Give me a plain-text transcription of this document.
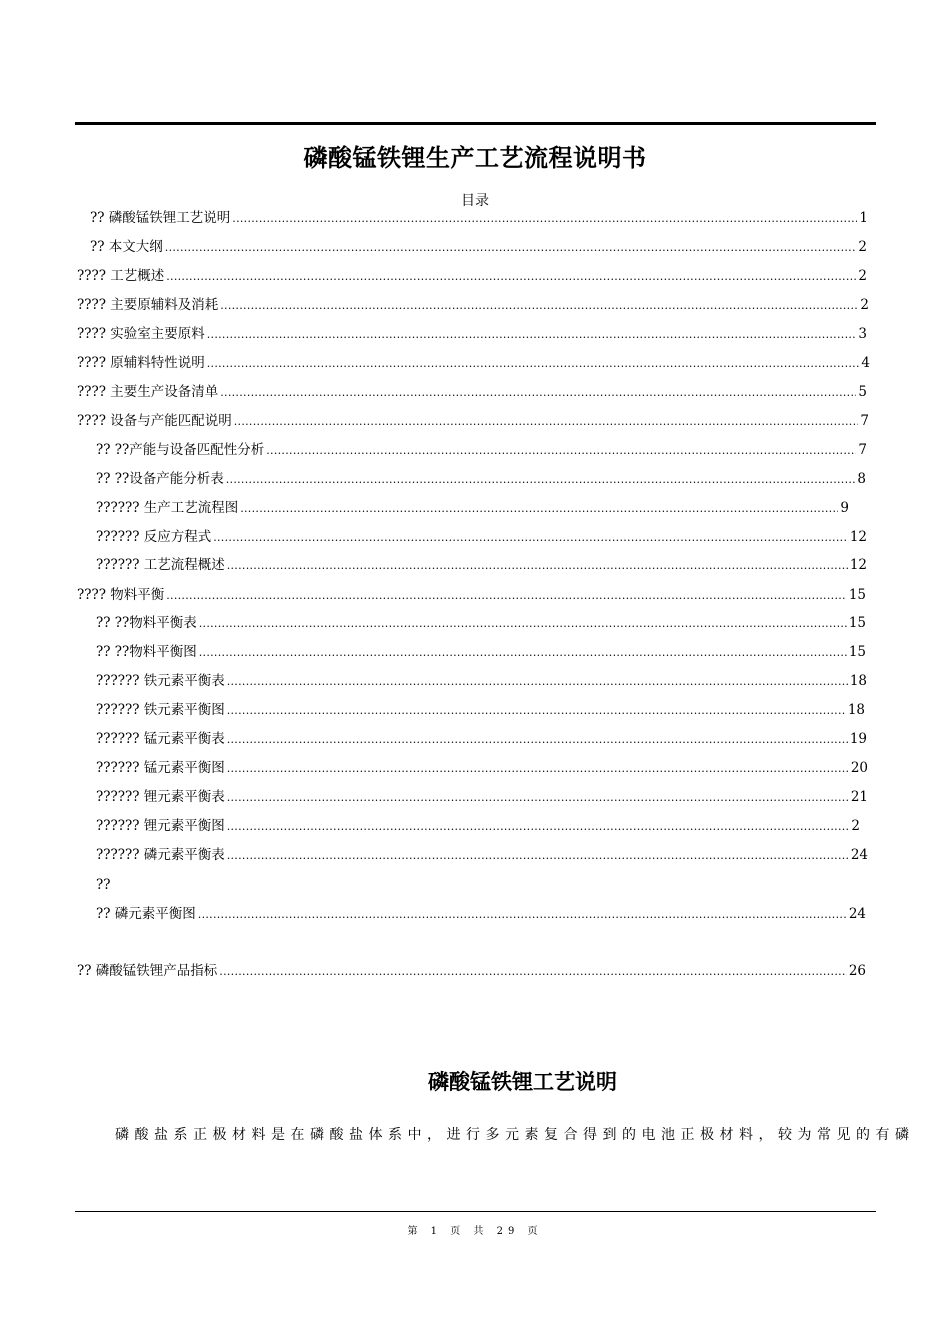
磷酸锰铁锂生产工艺流程说明书
目录
?? 磷酸锰铁锂工艺说明 .....	1
?? 本文大纲 .....	2
???? 工艺概述 .....	2
???? 主要原辅料及消耗 .....	2
???? 实验室主要原料 .....	3
???? 原辅料特性说明 .....	4
???? 主要生产设备清单 .....	5
???? 设备与产能匹配说明 .....	7
?? ??产能与设备匹配性分析 .....	7
?? ??设备产能分析表 .....	8
?????? 生产工艺流程图 .....	9
?????? 反应方程式 .....	12
?????? 工艺流程概述 .....	12
???? 物料平衡 .....	15
?? ??物料平衡表 .....	15
?? ??物料平衡图 .....	15
?????? 铁元素平衡表 .....	18
?????? 铁元素平衡图 .....	18
?????? 锰元素平衡表 .....	19
?????? 锰元素平衡图 .....	20
?????? 锂元素平衡表 .....	21
?????? 锂元素平衡图 .....	2
?????? 磷元素平衡表 .....	24
??
?? 磷元素平衡图 .....	24
?? 磷酸锰铁锂产品指标 .....	26
磷酸锰铁锂工艺说明
磷酸盐系正极材料是在磷酸盐体系中，进行多元素复合得到的电池正极材料，较为常见的有磷
第 1 页 共 29 页
